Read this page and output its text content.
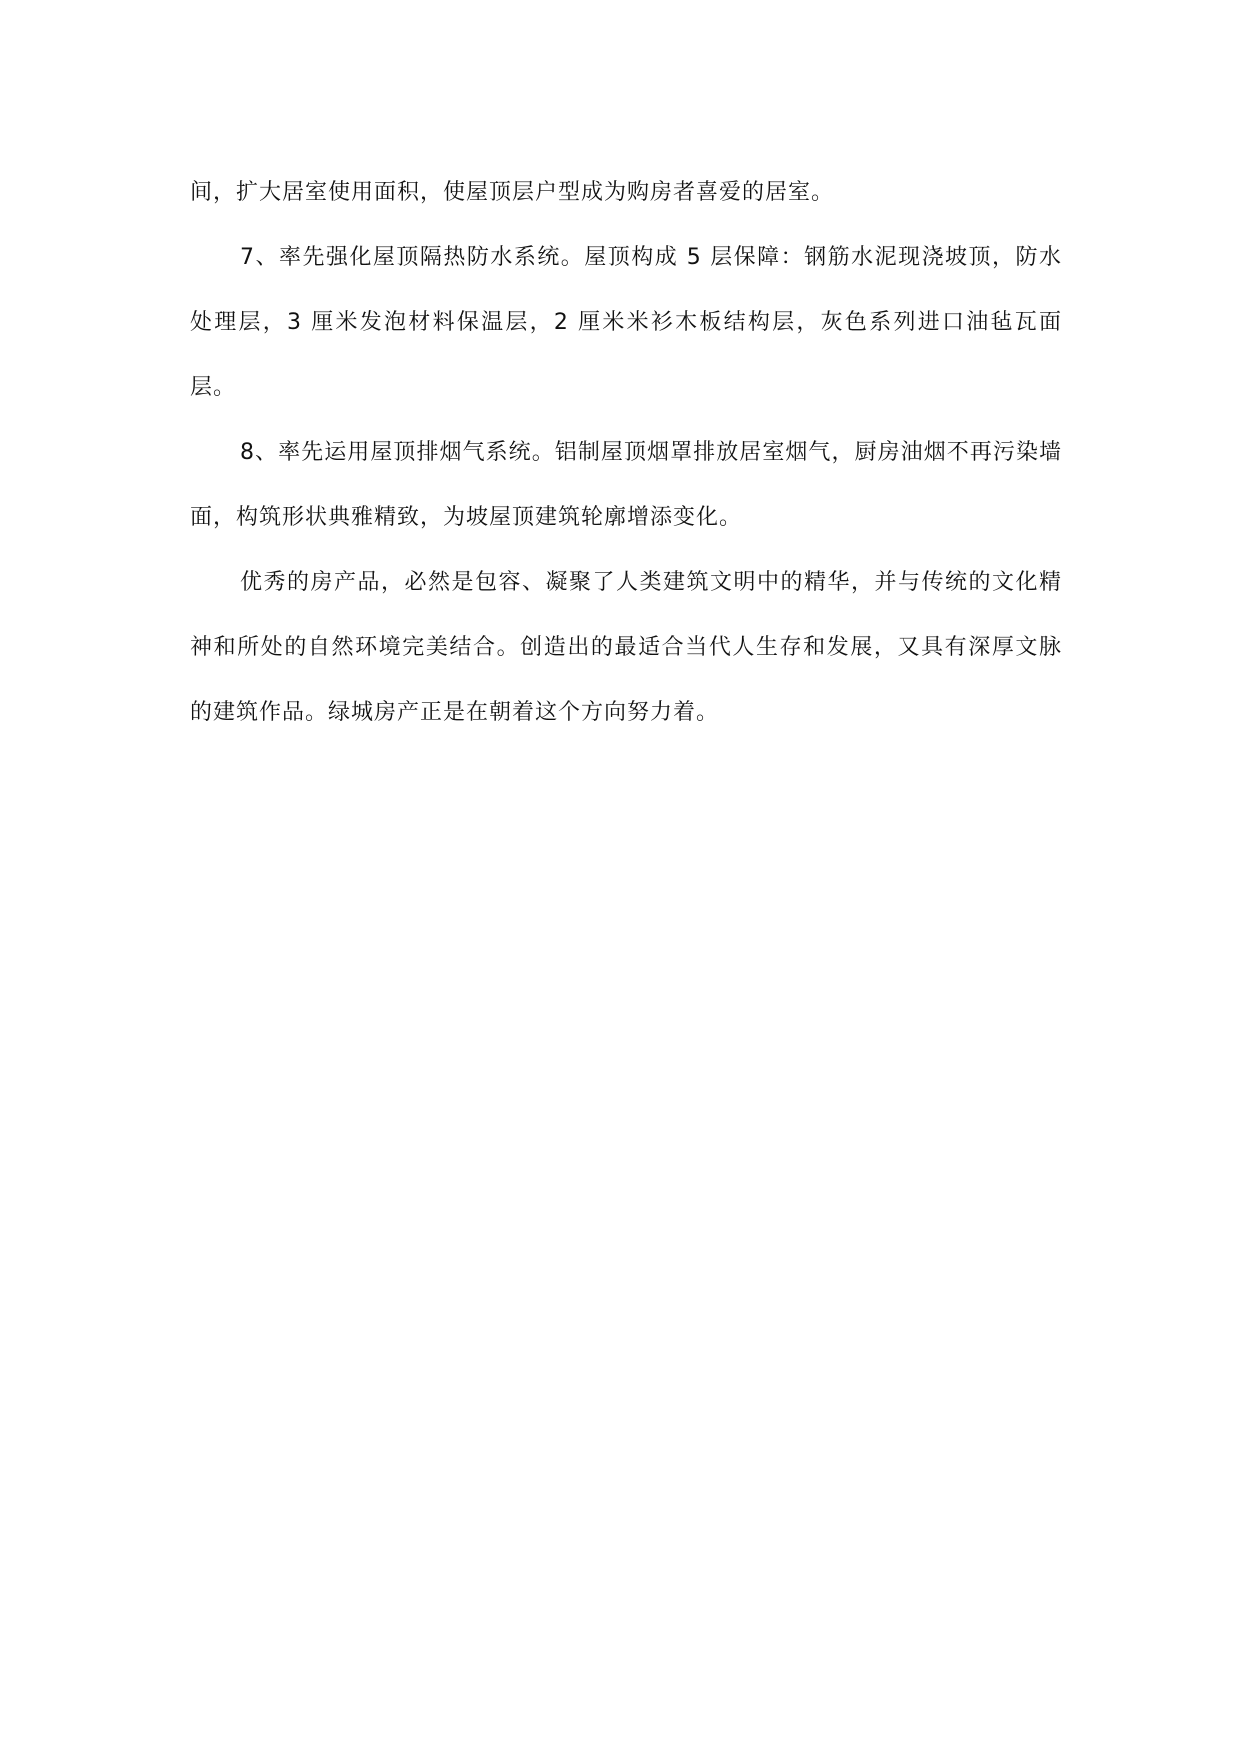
间，扩大居室使用面积，使屋顶层户型成为购房者喜爱的居室。

7、率先强化屋顶隔热防水系统。屋顶构成 5 层保障：钢筋水泥现浇坡顶，防水处理层，3 厘米发泡材料保温层，2 厘米米衫木板结构层，灰色系列进口油毡瓦面层。

8、率先运用屋顶排烟气系统。铝制屋顶烟罩排放居室烟气，厨房油烟不再污染墙面，构筑形状典雅精致，为坡屋顶建筑轮廓增添变化。

优秀的房产品，必然是包容、凝聚了人类建筑文明中的精华，并与传统的文化精神和所处的自然环境完美结合。创造出的最适合当代人生存和发展，又具有深厚文脉的建筑作品。绿城房产正是在朝着这个方向努力着。
